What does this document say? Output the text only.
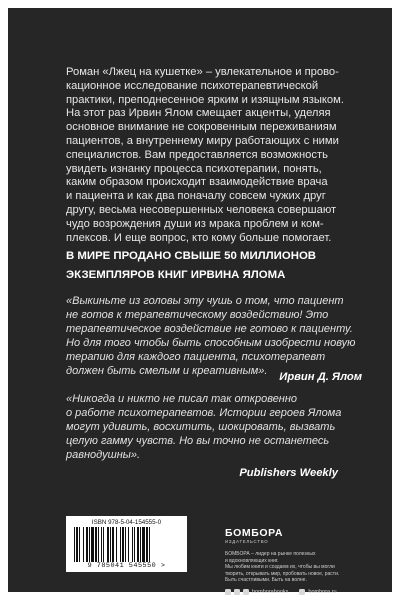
Роман «Лжец на кушетке» – увлекательное и прово-
кационное исследование психотерапевтической
практики, преподнесенное ярким и изящным языком.
На этот раз Ирвин Ялом смещает акценты, уделяя
основное внимание не сокровенным переживаниям
пациентов, а внутреннему миру работающих с ними
специалистов. Вам предоставляется возможность
увидеть изнанку процесса психотерапии, понять,
каким образом происходит взаимодействие врача
и пациента и как два поначалу совсем чужих друг
другу, весьма несовершенных человека совершают
чудо возрождения души из мрака проблем и ком-
плексов. И еще вопрос, кто кому больше помогает.
В МИРЕ ПРОДАНО СВЫШЕ 50 МИЛЛИОНОВ
ЭКЗЕМПЛЯРОВ КНИГ ИРВИНА ЯЛОМА
«Выкиньте из головы эту чушь о том, что пациент
не готов к терапевтическому воздействию! Это
терапевтическое воздействие не готово к пациенту.
Но для того чтобы быть способным изобрести новую
терапию для каждого пациента, психотерапевт
должен быть смелым и креативным».
Ирвин Д. Ялом
«Никогда и никто не писал так откровенно
о работе психотерапевтов. Истории героев Ялома
могут удивить, восхитить, шокировать, вызвать
целую гамму чувств. Но вы точно не останетесь
равнодушны».
Publishers Weekly
ISBN 978-5-04-154555-0
9 785041 545550 >
БОМБОРА
ИЗДАТЕЛЬСТВО
БОМБОРА – лидер на рынке полезных
и вдохновляющих книг.
Мы любим книги и создаем их, чтобы вы могли
творить, открывать мир, пробовать новое, расти.
Быть счастливыми. Быть на волне.
bomborabooks	bombora.ru
